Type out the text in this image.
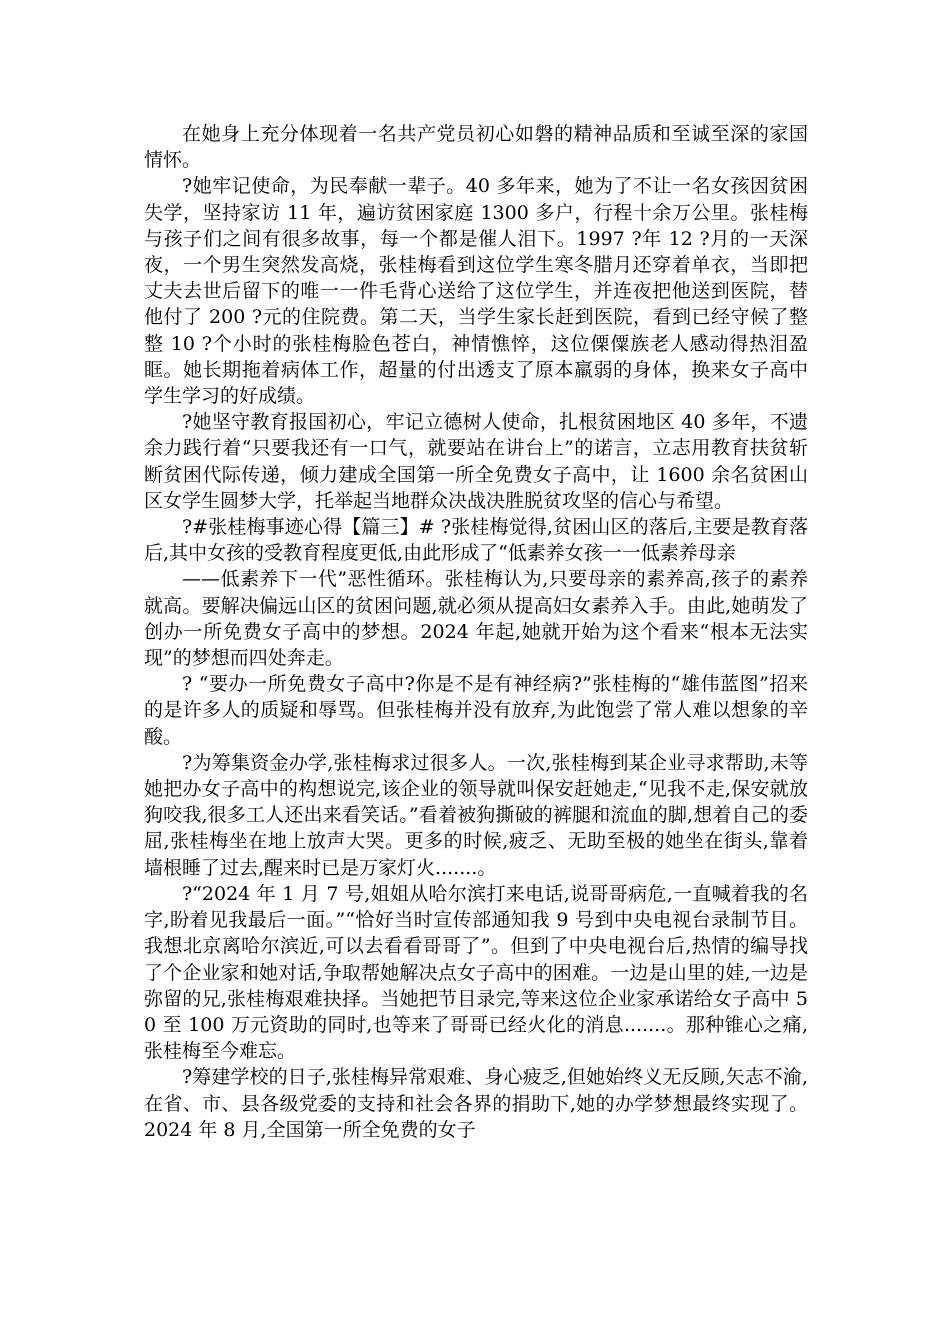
在她身上充分体现着一名共产党员初心如磐的精神品质和至诚至深的家国情怀。

?她牢记使命，为民奉献一辈子。40 多年来，她为了不让一名女孩因贫困失学，坚持家访 11 年，遍访贫困家庭 1300 多户，行程十余万公里。张桂梅与孩子们之间有很多故事，每一个都是催人泪下。1997 ?年 12 ?月的一天深夜，一个男生突然发高烧，张桂梅看到这位学生寒冬腊月还穿着单衣，当即把丈夫去世后留下的唯一一件毛背心送给了这位学生，并连夜把他送到医院，替他付了 200 ?元的住院费。第二天，当学生家长赶到医院，看到已经守候了整整 10 ?个小时的张桂梅脸色苍白，神情憔悴，这位傈僳族老人感动得热泪盈眶。她长期拖着病体工作，超量的付出透支了原本羸弱的身体，换来女子高中学生学习的好成绩。

?她坚守教育报国初心，牢记立德树人使命，扎根贫困地区 40 多年，不遗余力践行着“只要我还有一口气，就要站在讲台上”的诺言，立志用教育扶贫斩断贫困代际传递，倾力建成全国第一所全免费女子高中，让 1600 余名贫困山区女学生圆梦大学，托举起当地群众决战决胜脱贫攻坚的信心与希望。

?#张桂梅事迹心得【篇三】# ?张桂梅觉得,贫困山区的落后,主要是教育落后,其中女孩的受教育程度更低,由此形成了“低素养女孩一一低素养母亲

——低素养下一代”恶性循环。张桂梅认为,只要母亲的素养高,孩子的素养就高。要解决偏远山区的贫困问题,就必须从提高妇女素养入手。由此,她萌发了创办一所免费女子高中的梦想。2024 年起,她就开始为这个看来“根本无法实现”的梦想而四处奔走。

? “要办一所免费女子高中?你是不是有神经病?”张桂梅的“雄伟蓝图”招来的是许多人的质疑和辱骂。但张桂梅并没有放弃,为此饱尝了常人难以想象的辛酸。

?为筹集资金办学,张桂梅求过很多人。一次,张桂梅到某企业寻求帮助,未等她把办女子高中的构想说完,该企业的领导就叫保安赶她走,“见我不走,保安就放狗咬我,很多工人还出来看笑话。”看着被狗撕破的裤腿和流血的脚,想着自己的委屈,张桂梅坐在地上放声大哭。更多的时候,疲乏、无助至极的她坐在街头,靠着墙根睡了过去,醒来时已是万家灯火.......。

?“2024 年 1 月 7 号,姐姐从哈尔滨打来电话,说哥哥病危,一直喊着我的名字,盼着见我最后一面。”“恰好当时宣传部通知我 9 号到中央电视台录制节目。我想北京离哈尔滨近,可以去看看哥哥了”。但到了中央电视台后,热情的编导找了个企业家和她对话,争取帮她解决点女子高中的困难。一边是山里的娃,一边是弥留的兄,张桂梅艰难抉择。当她把节目录完,等来这位企业家承诺给女子高中 50 至 100 万元资助的同时,也等来了哥哥已经火化的消息.......。那种锥心之痛,张桂梅至今难忘。

?筹建学校的日子,张桂梅异常艰难、身心疲乏,但她始终义无反顾,矢志不渝,在省、市、县各级党委的支持和社会各界的捐助下,她的办学梦想最终实现了。2024 年 8 月,全国第一所全免费的女子
